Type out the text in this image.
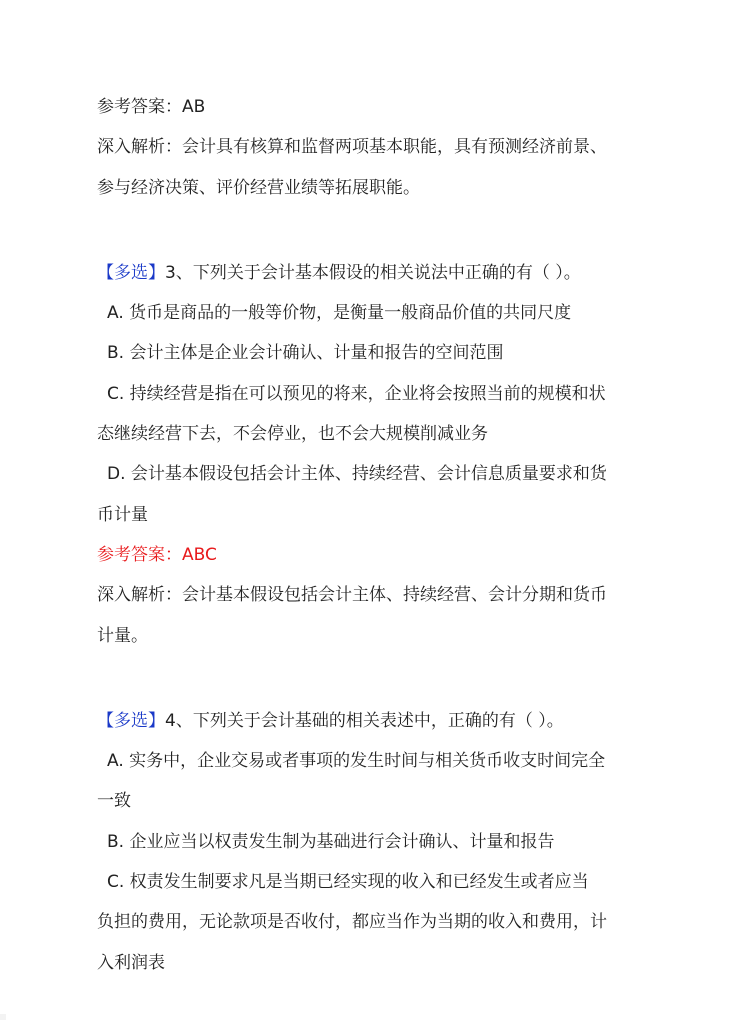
参考答案：AB
深入解析：会计具有核算和监督两项基本职能，具有预测经济前景、
参与经济决策、评价经营业绩等拓展职能。
【多选】3、下列关于会计基本假设的相关说法中正确的有（ ）。
A. 货币是商品的一般等价物，是衡量一般商品价值的共同尺度
B. 会计主体是企业会计确认、计量和报告的空间范围
C. 持续经营是指在可以预见的将来，企业将会按照当前的规模和状
态继续经营下去，不会停业，也不会大规模削减业务
D. 会计基本假设包括会计主体、持续经营、会计信息质量要求和货
币计量
参考答案：ABC
深入解析：会计基本假设包括会计主体、持续经营、会计分期和货币
计量。
【多选】4、下列关于会计基础的相关表述中，正确的有（ ）。
A. 实务中，企业交易或者事项的发生时间与相关货币收支时间完全
一致
B. 企业应当以权责发生制为基础进行会计确认、计量和报告
C. 权责发生制要求凡是当期已经实现的收入和已经发生或者应当
负担的费用，无论款项是否收付，都应当作为当期的收入和费用，计
入利润表
